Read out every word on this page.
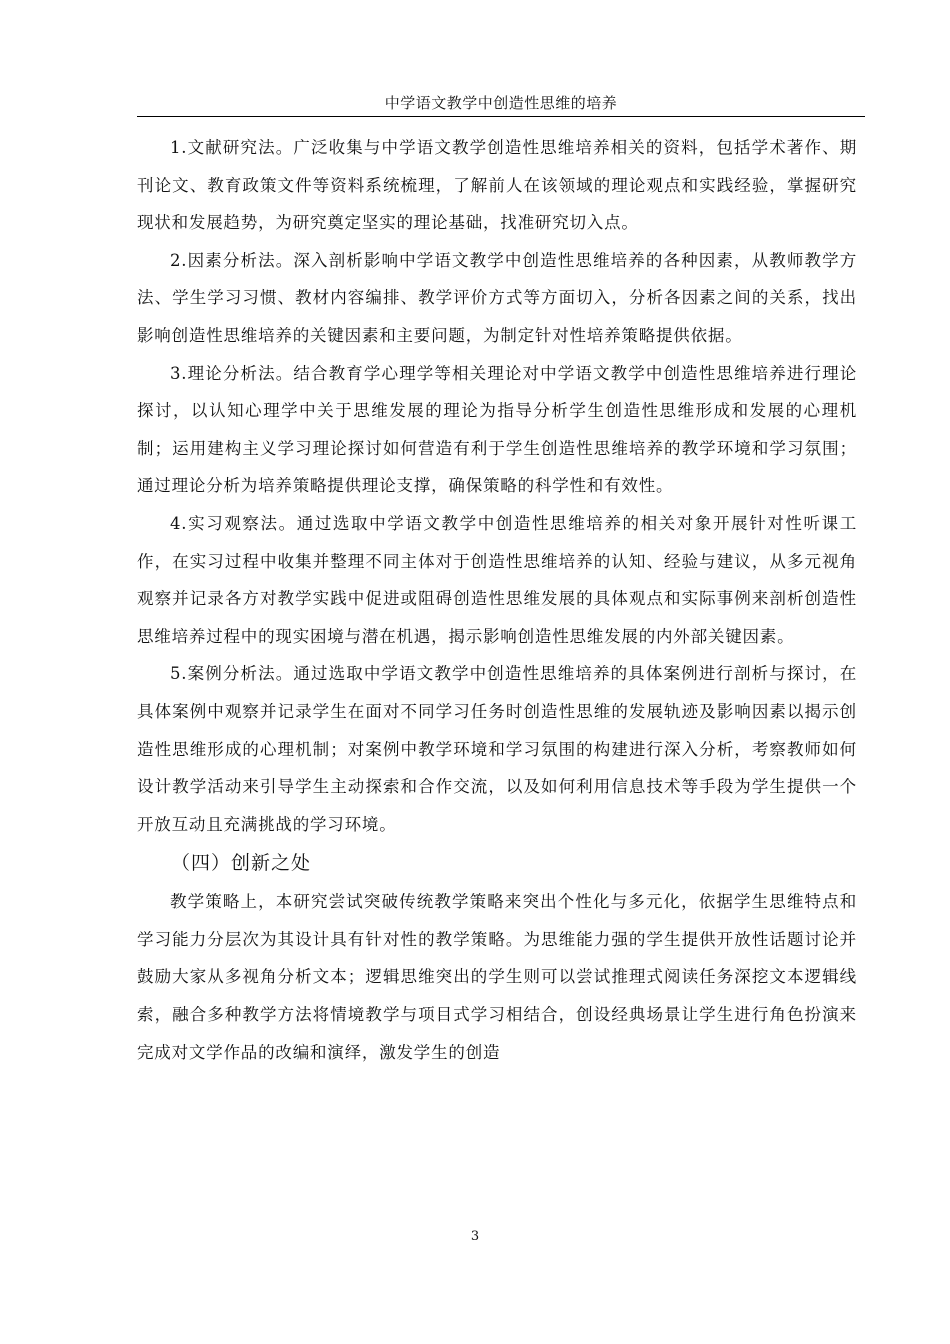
中学语文教学中创造性思维的培养

1.文献研究法。广泛收集与中学语文教学创造性思维培养相关的资料，包括学术著作、期刊论文、教育政策文件等资料系统梳理，了解前人在该领域的理论观点和实践经验，掌握研究现状和发展趋势，为研究奠定坚实的理论基础，找准研究切入点。

2.因素分析法。深入剖析影响中学语文教学中创造性思维培养的各种因素，从教师教学方法、学生学习习惯、教材内容编排、教学评价方式等方面切入，分析各因素之间的关系，找出影响创造性思维培养的关键因素和主要问题，为制定针对性培养策略提供依据。

3.理论分析法。结合教育学心理学等相关理论对中学语文教学中创造性思维培养进行理论探讨，以认知心理学中关于思维发展的理论为指导分析学生创造性思维形成和发展的心理机制；运用建构主义学习理论探讨如何营造有利于学生创造性思维培养的教学环境和学习氛围；通过理论分析为培养策略提供理论支撑，确保策略的科学性和有效性。

4.实习观察法。通过选取中学语文教学中创造性思维培养的相关对象开展针对性听课工作，在实习过程中收集并整理不同主体对于创造性思维培养的认知、经验与建议，从多元视角观察并记录各方对教学实践中促进或阻碍创造性思维发展的具体观点和实际事例来剖析创造性思维培养过程中的现实困境与潜在机遇，揭示影响创造性思维发展的内外部关键因素。

5.案例分析法。通过选取中学语文教学中创造性思维培养的具体案例进行剖析与探讨，在具体案例中观察并记录学生在面对不同学习任务时创造性思维的发展轨迹及影响因素以揭示创造性思维形成的心理机制；对案例中教学环境和学习氛围的构建进行深入分析，考察教师如何设计教学活动来引导学生主动探索和合作交流，以及如何利用信息技术等手段为学生提供一个开放互动且充满挑战的学习环境。

（四）创新之处

教学策略上，本研究尝试突破传统教学策略来突出个性化与多元化，依据学生思维特点和学习能力分层次为其设计具有针对性的教学策略。为思维能力强的学生提供开放性话题讨论并鼓励大家从多视角分析文本；逻辑思维突出的学生则可以尝试推理式阅读任务深挖文本逻辑线索，融合多种教学方法将情境教学与项目式学习相结合，创设经典场景让学生进行角色扮演来完成对文学作品的改编和演绎，激发学生的创造

3
